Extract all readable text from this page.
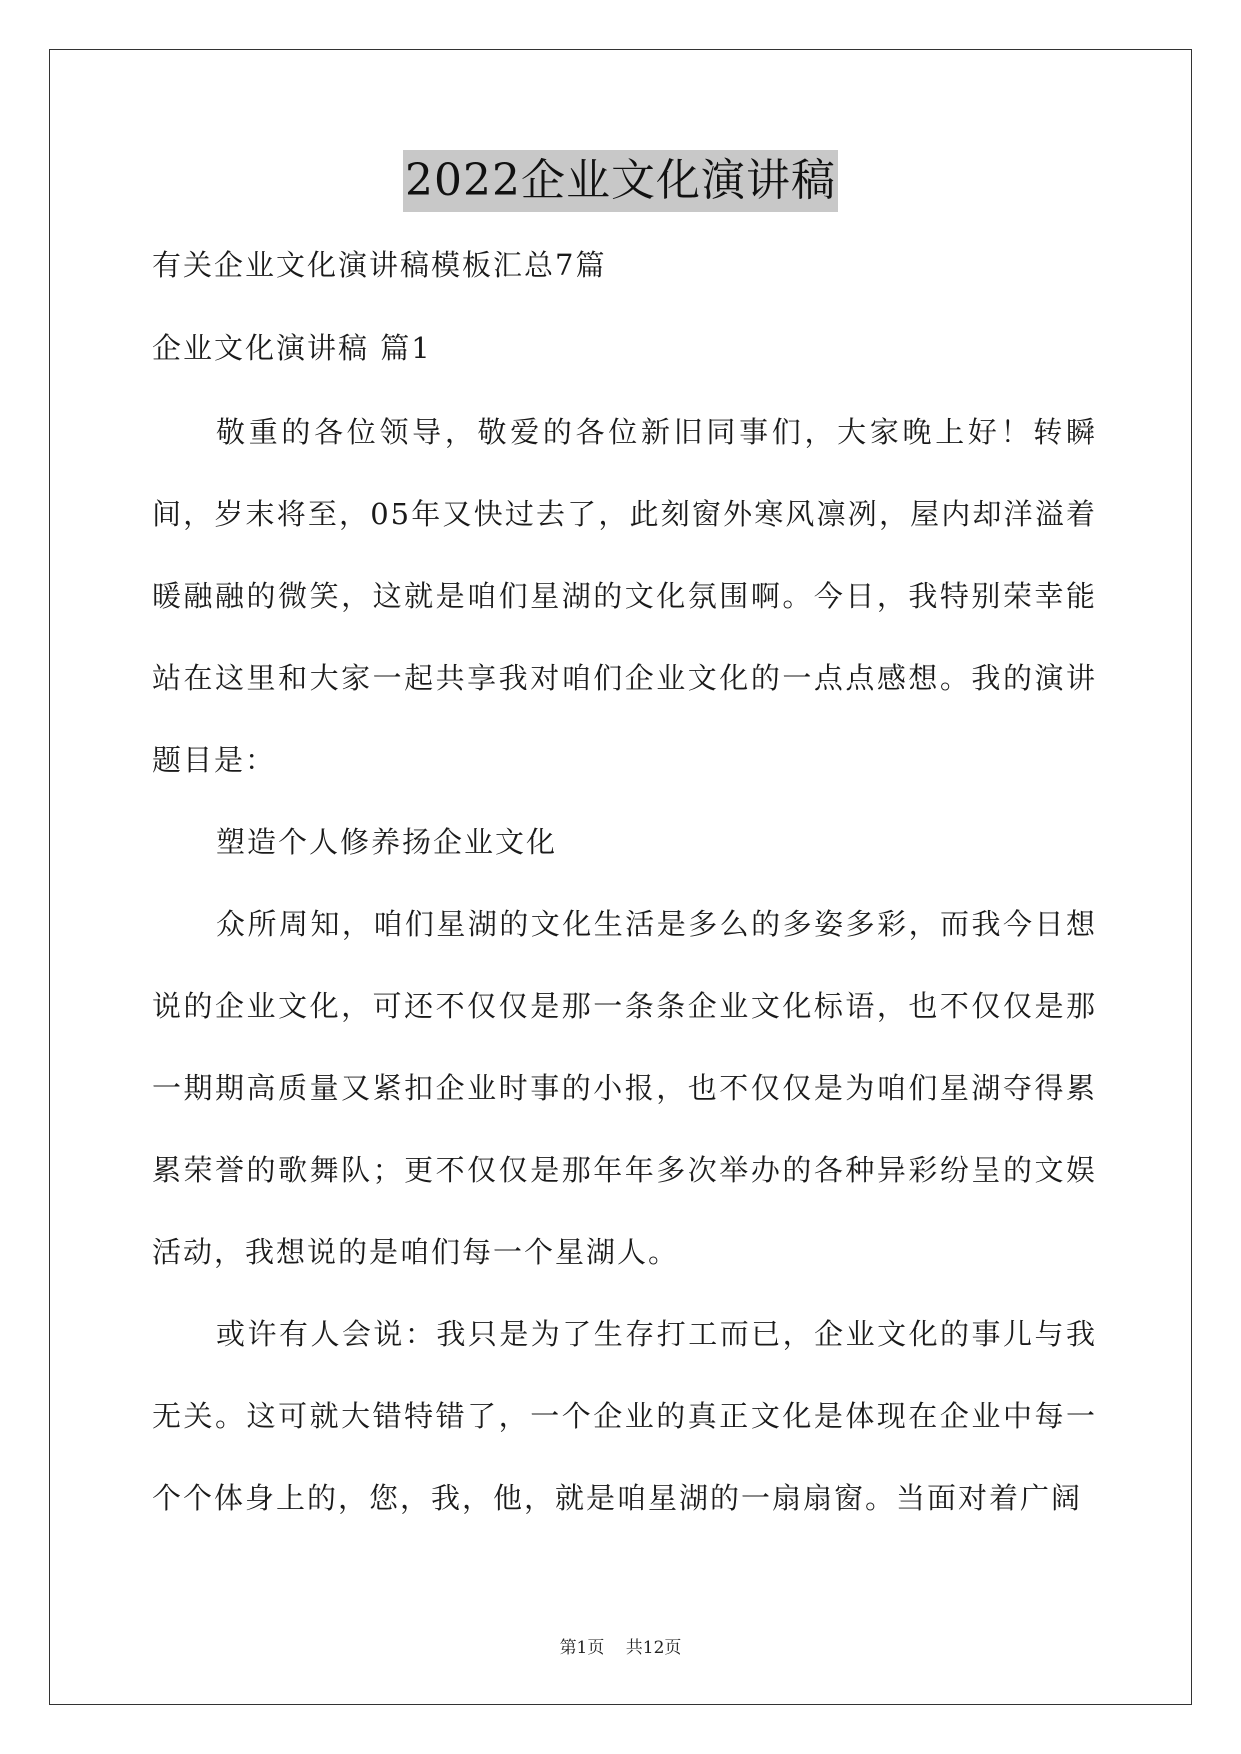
2022企业文化演讲稿

有关企业文化演讲稿模板汇总7篇

企业文化演讲稿 篇1

敬重的各位领导，敬爱的各位新旧同事们，大家晚上好！转瞬间，岁末将至，05年又快过去了，此刻窗外寒风凛冽，屋内却洋溢着暖融融的微笑，这就是咱们星湖的文化氛围啊。今日，我特别荣幸能站在这里和大家一起共享我对咱们企业文化的一点点感想。我的演讲题目是：

塑造个人修养扬企业文化

众所周知，咱们星湖的文化生活是多么的多姿多彩，而我今日想说的企业文化，可还不仅仅是那一条条企业文化标语，也不仅仅是那一期期高质量又紧扣企业时事的小报，也不仅仅是为咱们星湖夺得累累荣誉的歌舞队；更不仅仅是那年年多次举办的各种异彩纷呈的文娱活动，我想说的是咱们每一个星湖人。

或许有人会说：我只是为了生存打工而已，企业文化的事儿与我无关。这可就大错特错了，一个企业的真正文化是体现在企业中每一个个体身上的，您，我，他，就是咱星湖的一扇扇窗。当面对着广阔

第1页 共12页
